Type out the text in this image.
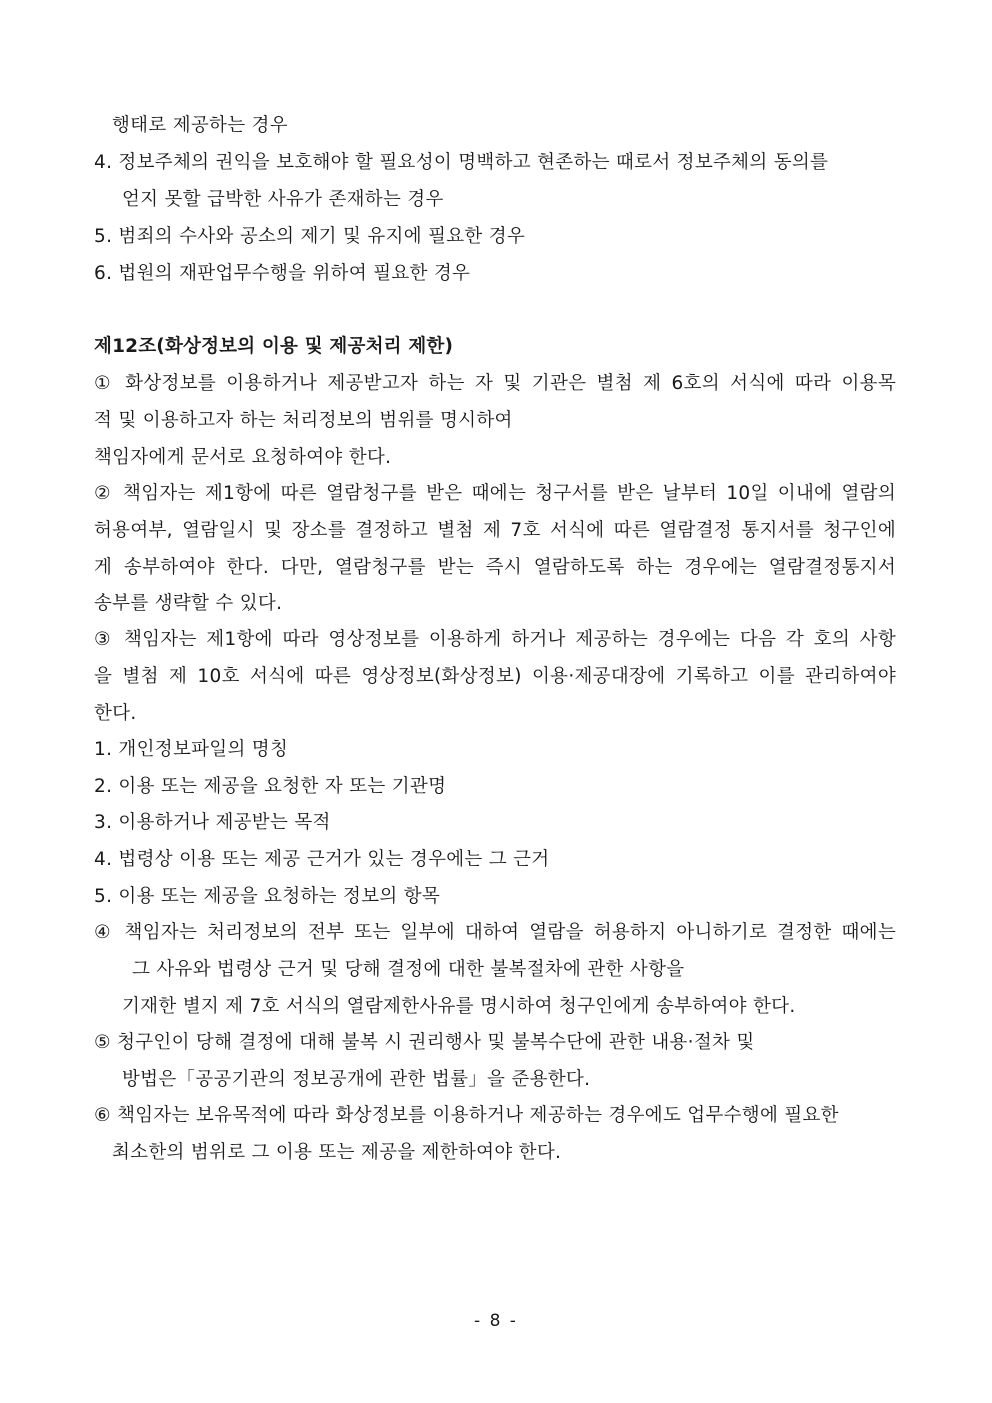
행태로 제공하는 경우
4. 정보주체의 권익을 보호해야 할 필요성이 명백하고 현존하는 때로서 정보주체의 동의를
얻지 못할 급박한 사유가 존재하는 경우
5. 범죄의 수사와 공소의 제기 및 유지에 필요한 경우
6. 법원의 재판업무수행을 위하여 필요한 경우
제12조(화상정보의 이용 및 제공처리 제한)
① 화상정보를 이용하거나 제공받고자 하는 자 및 기관은 별첨 제 6호의 서식에 따라 이용목
적 및 이용하고자 하는 처리정보의 범위를 명시하여
책임자에게 문서로 요청하여야 한다.
② 책임자는 제1항에 따른 열람청구를 받은 때에는 청구서를 받은 날부터 10일 이내에 열람의
허용여부, 열람일시 및 장소를 결정하고 별첨 제 7호 서식에 따른 열람결정 통지서를 청구인에
게 송부하여야 한다. 다만, 열람청구를 받는 즉시 열람하도록 하는 경우에는 열람결정통지서
송부를 생략할 수 있다.
③ 책임자는 제1항에 따라 영상정보를 이용하게 하거나 제공하는 경우에는 다음 각 호의 사항
을 별첨 제 10호 서식에 따른 영상정보(화상정보) 이용·제공대장에 기록하고 이를 관리하여야
한다.
1. 개인정보파일의 명칭
2. 이용 또는 제공을 요청한 자 또는 기관명
3. 이용하거나 제공받는 목적
4. 법령상 이용 또는 제공 근거가 있는 경우에는 그 근거
5. 이용 또는 제공을 요청하는 정보의 항목
④ 책임자는 처리정보의 전부 또는 일부에 대하여 열람을 허용하지 아니하기로 결정한 때에는
그 사유와 법령상 근거 및 당해 결정에 대한 불복절차에 관한 사항을
기재한 별지 제 7호 서식의 열람제한사유를 명시하여 청구인에게 송부하여야 한다.
⑤ 청구인이 당해 결정에 대해 불복 시 권리행사 및 불복수단에 관한 내용·절차 및
방법은「공공기관의 정보공개에 관한 법률」을 준용한다.
⑥ 책임자는 보유목적에 따라 화상정보를 이용하거나 제공하는 경우에도 업무수행에 필요한
최소한의 범위로 그 이용 또는 제공을 제한하여야 한다.
- 8 -
